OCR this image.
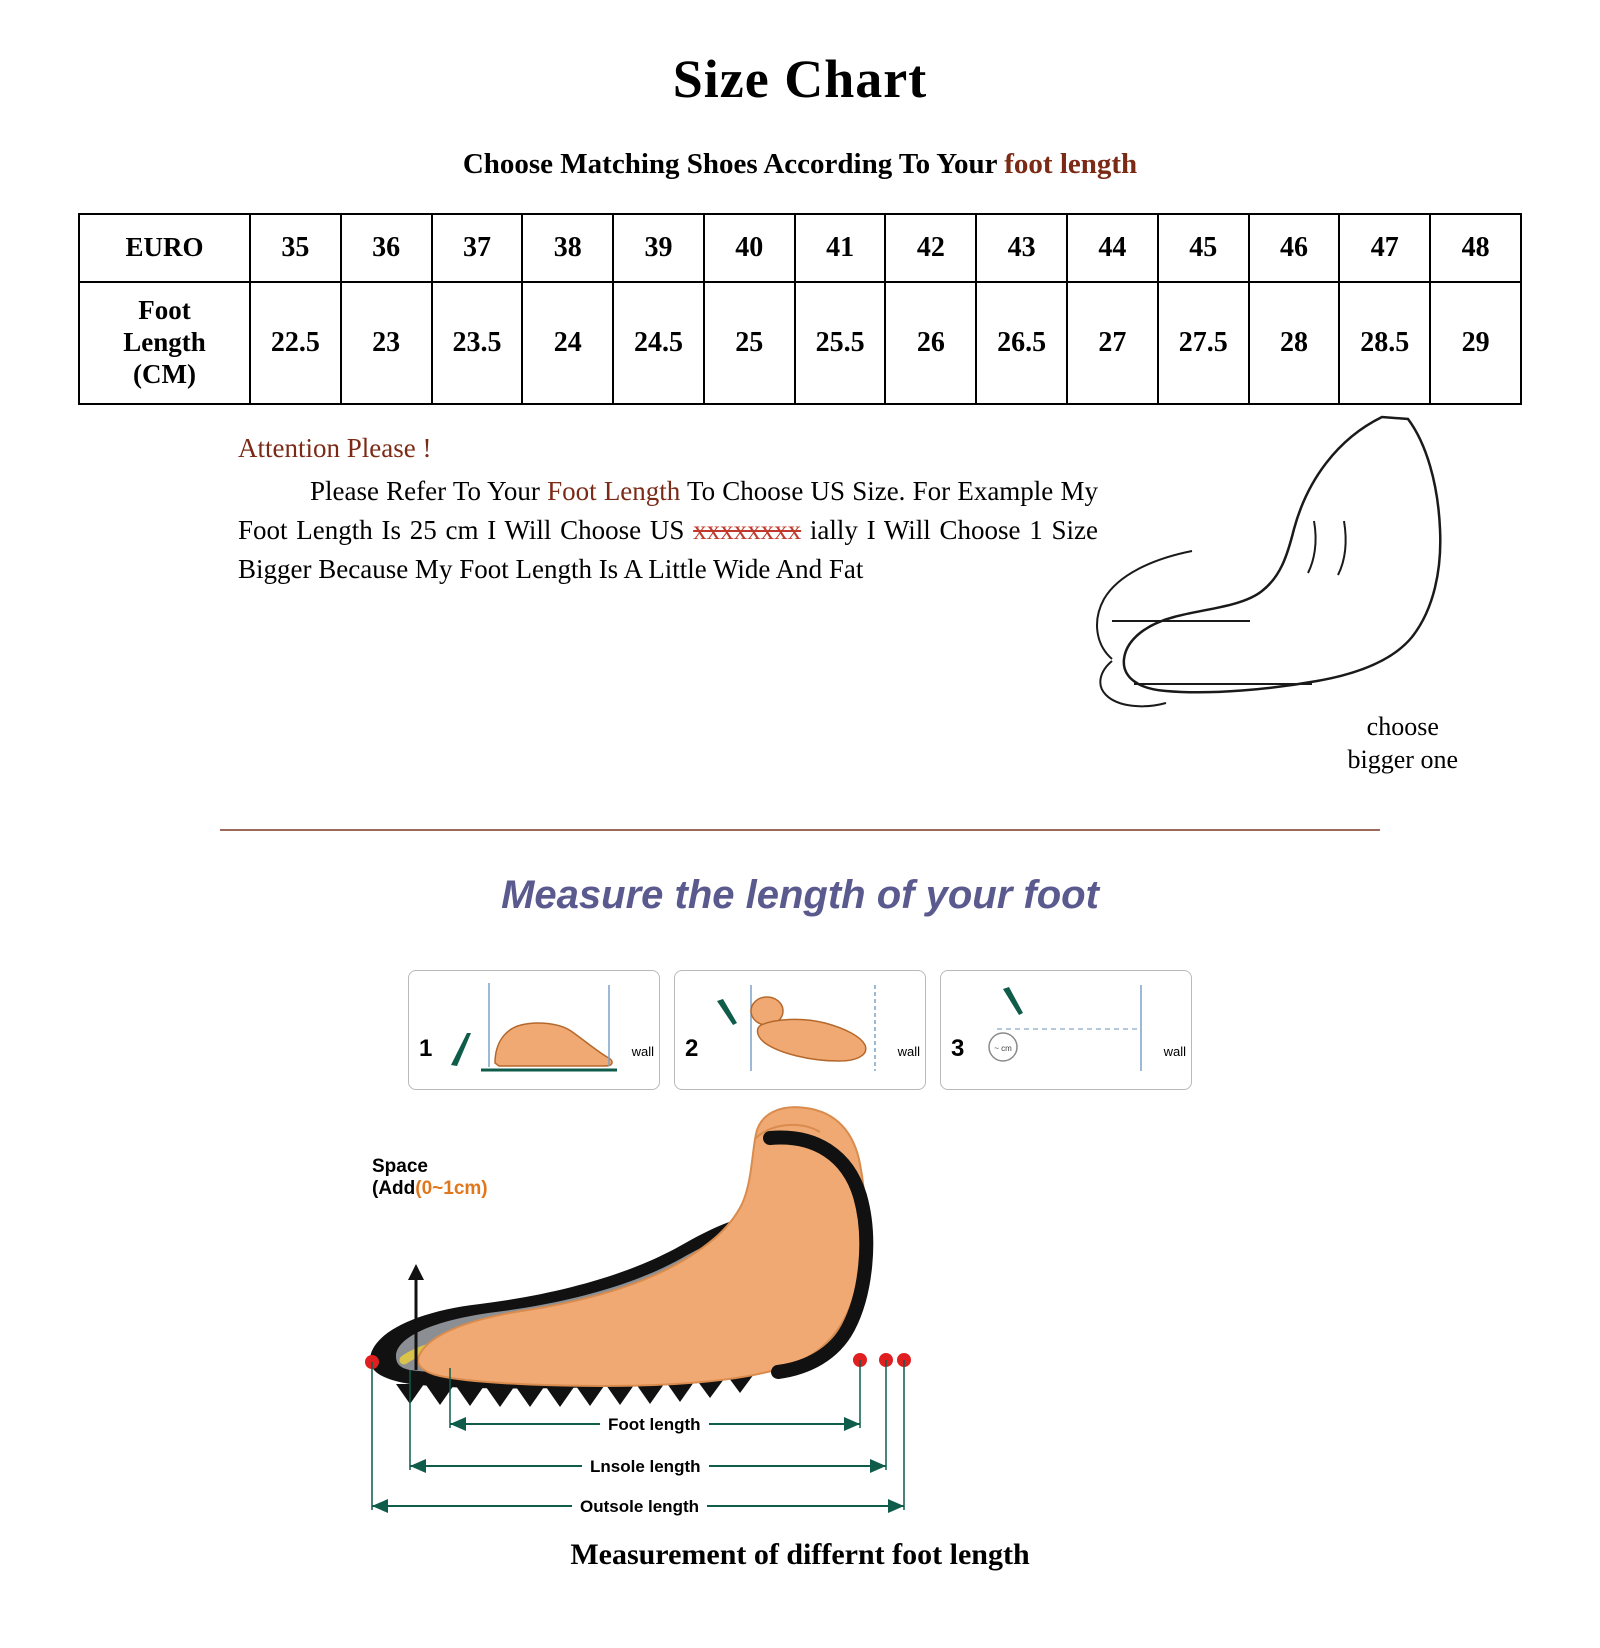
Size Chart
Choose Matching Shoes According To Your foot length
EURO	35	36	37	38	39	40	41	42	43	44	45	46	47	48

Foot
Length
(CM)	22.5	23	23.5	24	24.5	25	25.5	26	26.5	27	27.5	28	28.5	29
Attention Please !
Please Refer To Your Foot Length To Choose US Size. For Example My Foot Length Is 25 cm I Will Choose US xxxxxxxx ially I Will Choose 1 Size Bigger Because My Foot Length Is A Little Wide And Fat
choose
bigger one
Measure the length of your foot
1	wall 2	wall 3	wall
~ cm
Space
(Add(0~1cm)
Foot length
Lnsole length
Outsole length
Measurement of differnt foot length
